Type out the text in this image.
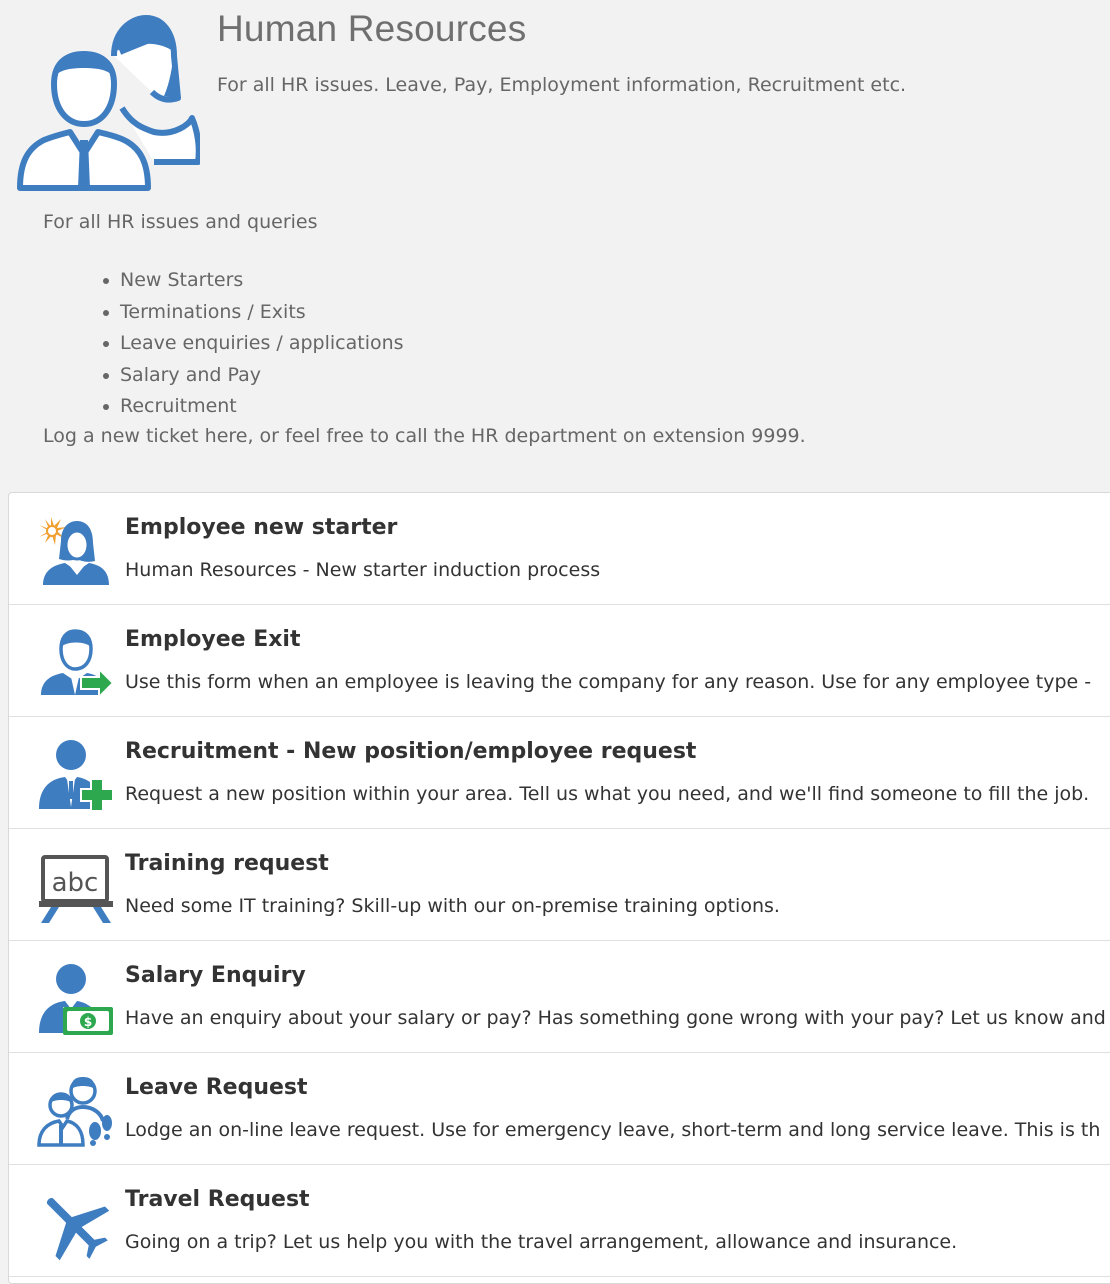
Human Resources

For all HR issues. Leave, Pay, Employment information, Recruitment etc.

For all HR issues and queries

New Starters
Terminations / Exits
Leave enquiries / applications
Salary and Pay
Recruitment

Log a new ticket here, or feel free to call the HR department on extension 9999.

Employee new starter
Human Resources - New starter induction process
Employee Exit
Use this form when an employee is leaving the company for any reason. Use for any employee type -
Recruitment - New position/employee request
Request a new position within your area. Tell us what you need, and we'll find someone to fill the job.
abc
Training request
Need some IT training? Skill-up with our on-premise training options.
$
Salary Enquiry
Have an enquiry about your salary or pay? Has something gone wrong with your pay? Let us know and
Leave Request
Lodge an on-line leave request. Use for emergency leave, short-term and long service leave. This is th
Travel Request
Going on a trip? Let us help you with the travel arrangement, allowance and insurance.
